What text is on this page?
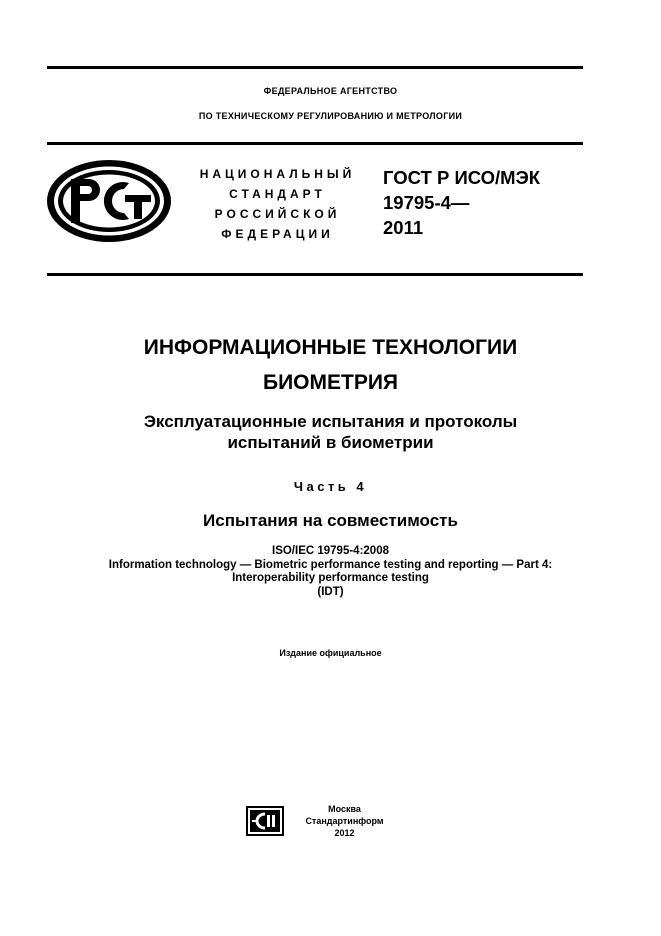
ФЕДЕРАЛЬНОЕ АГЕНТСТВО
ПО ТЕХНИЧЕСКОМУ РЕГУЛИРОВАНИЮ И МЕТРОЛОГИИ
НАЦИОНАЛЬНЫЙ
СТАНДАРТ
РОССИЙСКОЙ
ФЕДЕРАЦИИ
ГОСТ Р ИСО/МЭК
19795-4—
2011
ИНФОРМАЦИОННЫЕ ТЕХНОЛОГИИ
БИОМЕТРИЯ
Эксплуатационные испытания и протоколы
испытаний в биометрии
Часть 4
Испытания на совместимость
ISO/IEC 19795-4:2008
Information technology — Biometric performance testing and reporting — Part 4:
Interoperability performance testing
(IDT)
Издание официальное
Москва
Стандартинформ
2012
